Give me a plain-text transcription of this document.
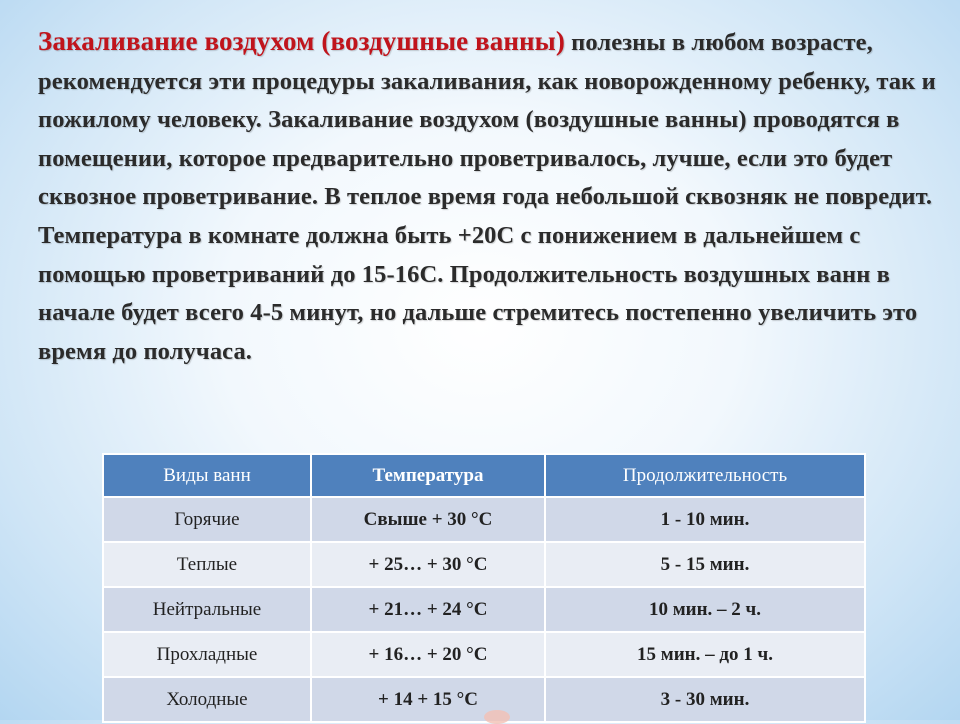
Закаливание воздухом (воздушные ванны) полезны в любом возрасте, рекомендуется эти процедуры закаливания, как новорожденному ребенку, так и пожилому человеку. Закаливание воздухом (воздушные ванны) проводятся в помещении, которое предварительно проветривалось, лучше, если это будет сквозное проветривание. В теплое время года небольшой сквозняк не повредит. Температура в комнате должна быть +20С с понижением в дальнейшем с помощью проветриваний до 15-16С. Продолжительность воздушных ванн в начале будет всего 4-5 минут, но дальше стремитесь постепенно увеличить это время до получаса.
Виды ванн	Температура	Продолжительность
Горячие	Свыше + 30 °С	1 - 10 мин.
Теплые	+ 25… + 30 °С	5 - 15 мин.
Нейтральные	+ 21… + 24 °С	10 мин. – 2 ч.
Прохладные	+ 16… + 20 °С	15 мин. – до 1 ч.
Холодные	+ 14 + 15 °С	3 - 30 мин.
